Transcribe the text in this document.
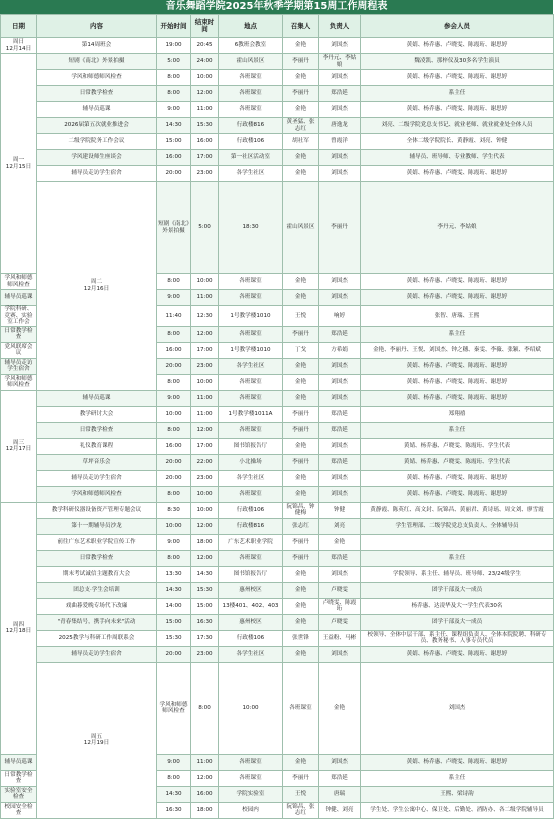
音乐舞蹈学院2025年秋季学期第15周工作周程表
日期	内容	开始时间	结束时间	地点	召集人	负责人	参会人员	
周日
12月14日	第14周班会	19:00	20:45	6教班会教室	金艳	刘国杰	黄婧、杨乔惠、卢晓雯、陈霞珩、谢思婷	
周一
12月15日	短剧《南北》外景拍摄	5:00	24:00	霍山风景区	李丽丹	李丹元、李姑娘	魏凌凯、那梓仪及30多名学生演员	
	学风和师德师风检查	8:00	10:00	各班课室	金艳	刘国杰	黄婧、杨乔惠、卢晓雯、陈霞珩、谢思婷	
	日常教学检查	8:00	12:00	各班课室	李丽丹	郑浩延	系主任	
	辅导员巡课	9:00	11:00	各班课室	金艳	刘国杰	黄婧、杨乔惠、卢晓雯、陈霞珩、谢思婷	
	2026届第五次就业推进会	14:30	15:30	行政楼816	黄圣猛、张志红	唐逸龙	刘亮、二级学院党总支书记、就业老师、就业就业处全体人员	
	二级学院院务工作会议	15:00	16:00	行政楼106	胡社军	曾霞洋	全体二级学院院长、黄静霞、刘亮、钟健	
	学风建设师生座谈会	16:00	17:00	第一社区活动室	金艳	刘国杰	辅导员、班导师、专业教师、学生代表	
	辅导员走访学生宿舍	20:00	23:00	各学生社区	金艳	刘国杰	黄婧、杨乔惠、卢晓雯、陈霞珩、谢思婷	
	周二
12月16日	短剧《南北》外景拍摄	5:00	18:30	霍山风景区	李丽丹	李丹元、李姑娘	
学风和师德师风检查		8:00	10:00	各班课室	金艳	刘国杰	黄婧、杨乔惠、卢晓雯、陈霞珩、谢思婷	
辅导员巡课		9:00	11:00	各班课室	金艳	刘国杰	黄婧、杨乔惠、卢晓雯、陈霞珩、谢思婷	
学院科研、竞赛、实验室工作会		11:40	12:30	1号教学楼1010	王悦	响婷	张智、唐瑞、王熙	
日常教学检查		8:00	12:00	各班课室	李丽丹	郑浩延	系主任	
党风联席会议		16:00	17:00	1号教学楼1010	丁戈	方希娟	金艳、李丽丹、王悦、刘国杰、钟之穗、秦雯、李薇、张颖、李绍斌	
辅导员走访学生宿舍		20:00	23:00	各学生社区	金艳	刘国杰	黄婧、杨乔惠、卢晓雯、陈霞珩、谢思婷	
学风和师德师风检查		8:00	10:00	各班课室	金艳	刘国杰	黄婧、杨乔惠、卢晓雯、陈霞珩、谢思婷	
周三
12月17日	辅导员巡课	9:00	11:00	各班课室	金艳	刘国杰	黄婧、杨乔惠、卢晓雯、陈霞珩、谢思婷	
	教学研讨大会	10:00	11:00	1号教学楼1011A	李丽丹	郑浩延	郑翔禧	
	日常教学检查	8:00	12:00	各班课室	李丽丹	郑浩延	系主任	
	礼仪教育课程	16:00	17:00	图书馆报告厅	金艳	刘国杰	黄婧、杨乔惠、卢晓雯、陈霞珩、学生代表	
	草坪音乐会	20:00	22:00	小北操场	李丽丹	郑浩延	黄婧、杨乔惠、卢晓雯、陈霞珩、学生代表	
	辅导员走访学生宿舍	20:00	23:00	各学生社区	金艳	刘国杰	黄婧、杨乔惠、卢晓雯、陈霞珩、谢思婷	
	学风和师德师风检查	8:00	10:00	各班课室	金艳	刘国杰	黄婧、杨乔惠、卢晓雯、陈霞珩、谢思婷	
周四
12月18日	教学科研仪器设备资产管理专题会议	8:30	10:00	行政楼106	阮锦昌、钟健梅	钟健	黄静霞、陈英红、高文封、阮锦昌、黄丽君、黄诗瑶、周文刘、廖雪霞	
	第十一期辅导员沙龙	10:00	12:00	行政楼816	张志红	刘亮	学生管理部、二级学院党总支负责人、全体辅导员	
	前往广东艺术职业学院宣传工作	9:00	18:00	广东艺术职业学院	李丽丹	金艳		
	日常教学检查	8:00	12:00	各班课室	李丽丹	郑浩延	系主任	
	期末考试诚信主题教育大会	13:30	14:30	图书馆报告厅	金艳	刘国杰	学院领导、系主任、辅导员、班导师、23/24级学生	
	团总支·学生会培训	14:30	15:30	惠州校区	金艳	卢晓雯	团学干部及大一成员	
	戏曲暮爱晚专场代下改廉	14:00	15:00	13楼401、402、403	金艳	卢晓雯、陈霞珩	杨乔惠、达凌华及大一学生代表30名	
	"青春集结号，携手向未来"活动	15:00	16:30	惠州校区	金艳	卢晓雯	团学干部及大一成员	
	2025教学与科研工作周联系会	15:30	17:30	行政楼106	张世锋	王益粉、马彬	校领导、全体中层干部、系主任、课程组负责人、全体本院院聘、科研专员、教务秘书、人事专员代员	
	辅导员走访学生宿舍	20:00	23:00	各学生社区	金艳	刘国杰	黄婧、杨乔惠、卢晓雯、陈霞珩、谢思婷	
	周五
12月19日	学风和师德师风检查	8:00	10:00	各班课室	金艳	刘国杰	
辅导员巡课		9:00	11:00	各班课室	金艳	刘国杰	黄婧、杨乔惠、卢晓雯、陈霞珩、谢思婷	
日常教学检查		8:00	12:00	各班课室	李丽丹	郑浩延	系主任	
实验室安全检查		14:30	16:00	学院实验室	王悦	唐瑞	王熙、梁诗韵	
校园安全检查		16:30	18:00	校园内	阮锦昌、张志红	钟健、刘亮	学生处、学生公寓中心、保卫处、后勤处、消防办、各二级学院辅导员	
